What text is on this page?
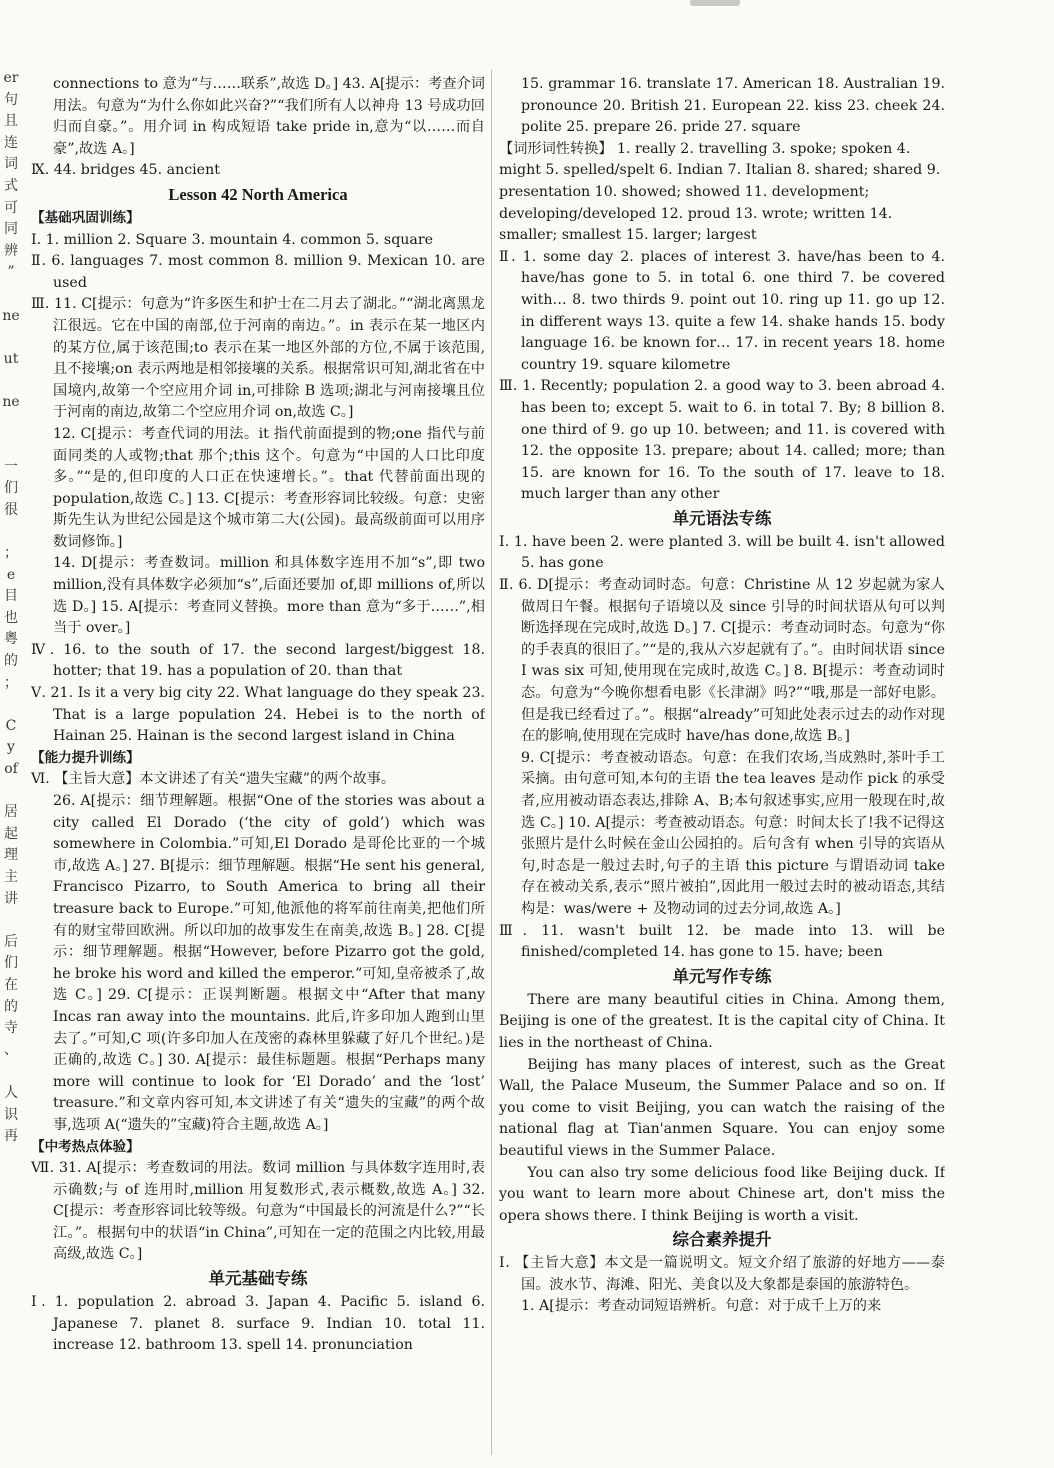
er
句
且
连
词
式
可
同
辨
”

ne

ut

ne

一
们
很

；
e
目
也
粵
的
；

C
y
of

居
起
理
主
讲

后
们
在
的
寺
、

人
识
再

connections to 意为“与……联系”,故选 D。] 43. A[提示：考查介词用法。句意为“为什么你如此兴奋?”“我们所有人以神舟 13 号成功回归而自豪。”。用介词 in 构成短语 take pride in,意为“以……而自豪”,故选 A。]

Ⅸ. 44. bridges 45. ancient

Lesson 42 North America

【基础巩固训练】

Ⅰ. 1. million 2. Square 3. mountain 4. common 5. square

Ⅱ. 6. languages 7. most common 8. million 9. Mexican 10. are used

Ⅲ. 11. C[提示：句意为“许多医生和护士在二月去了湖北。”“湖北离黑龙江很远。它在中国的南部,位于河南的南边。”。in 表示在某一地区内的某方位,属于该范围;to 表示在某一地区外部的方位,不属于该范围,且不接壤;on 表示两地是相邻接壤的关系。根据常识可知,湖北省在中国境内,故第一个空应用介词 in,可排除 B 选项;湖北与河南接壤且位于河南的南边,故第二个空应用介词 on,故选 C。]

12. C[提示：考查代词的用法。it 指代前面提到的物;one 指代与前面同类的人或物;that 那个;this 这个。句意为“中国的人口比印度多。”“是的,但印度的人口正在快速增长。”。that 代替前面出现的 population,故选 C。] 13. C[提示：考查形容词比较级。句意：史密斯先生认为世纪公园是这个城市第二大(公园)。最高级前面可以用序数词修饰。]

14. D[提示：考查数词。million 和具体数字连用不加“s”,即 two million,没有具体数字必须加“s”,后面还要加 of,即 millions of,所以选 D。] 15. A[提示：考查同义替换。more than 意为“多于……”,相当于 over。]

Ⅳ. 16. to the south of 17. the second largest/biggest 18. hotter; that 19. has a population of 20. than that

Ⅴ. 21. Is it a very big city 22. What language do they speak 23. That is a large population 24. Hebei is to the north of Hainan 25. Hainan is the second largest island in China

【能力提升训练】

Ⅵ. 【主旨大意】本文讲述了有关“遗失宝藏”的两个故事。

26. A[提示：细节理解题。根据“One of the stories was about a city called El Dorado (‘the city of gold’) which was somewhere in Colombia.”可知,El Dorado 是哥伦比亚的一个城市,故选 A。] 27. B[提示：细节理解题。根据“He sent his general, Francisco Pizarro, to South America to bring all their treasure back to Europe.”可知,他派他的将军前往南美,把他们所有的财宝带回欧洲。所以印加的故事发生在南美,故选 B。] 28. C[提示：细节理解题。根据“However, before Pizarro got the gold, he broke his word and killed the emperor.”可知,皇帝被杀了,故选 C。] 29. C[提示：正误判断题。根据文中“After that many Incas ran away into the mountains. 此后,许多印加人跑到山里去了。”可知,C 项(许多印加人在茂密的森林里躲藏了好几个世纪。)是正确的,故选 C。] 30. A[提示：最佳标题题。根据“Perhaps many more will continue to look for ‘El Dorado’ and the ‘lost’ treasure.”和文章内容可知,本文讲述了有关“遗失的宝藏”的两个故事,选项 A(“遗失的”宝藏)符合主题,故选 A。]

【中考热点体验】

Ⅶ. 31. A[提示：考查数词的用法。数词 million 与具体数字连用时,表示确数;与 of 连用时,million 用复数形式,表示概数,故选 A。] 32. C[提示：考查形容词比较等级。句意为“中国最长的河流是什么?”“长江。”。根据句中的状语“in China”,可知在一定的范围之内比较,用最高级,故选 C。]

单元基础专练

Ⅰ. 1. population 2. abroad 3. Japan 4. Pacific 5. island 6. Japanese 7. planet 8. surface 9. Indian 10. total 11. increase 12. bathroom 13. spell 14. pronunciation

15. grammar 16. translate 17. American 18. Australian 19. pronounce 20. British 21. European 22. kiss 23. cheek 24. polite 25. prepare 26. pride 27. square

【词形词性转换】 1. really 2. travelling 3. spoke; spoken 4. might 5. spelled/spelt 6. Indian 7. Italian 8. shared; shared 9. presentation 10. showed; showed 11. development; developing/developed 12. proud 13. wrote; written 14. smaller; smallest 15. larger; largest

Ⅱ. 1. some day 2. places of interest 3. have/has been to 4. have/has gone to 5. in total 6. one third 7. be covered with… 8. two thirds 9. point out 10. ring up 11. go up 12. in different ways 13. quite a few 14. shake hands 15. body language 16. be known for… 17. in recent years 18. home country 19. square kilometre

Ⅲ. 1. Recently; population 2. a good way to 3. been abroad 4. has been to; except 5. wait to 6. in total 7. By; 8 billion 8. one third of 9. go up 10. between; and 11. is covered with 12. the opposite 13. prepare; about 14. called; more; than 15. are known for 16. To the south of 17. leave to 18. much larger than any other

单元语法专练

Ⅰ. 1. have been 2. were planted 3. will be built 4. isn't allowed 5. has gone

Ⅱ. 6. D[提示：考查动词时态。句意：Christine 从 12 岁起就为家人做周日午餐。根据句子语境以及 since 引导的时间状语从句可以判断选择现在完成时,故选 D。] 7. C[提示：考查动词时态。句意为“你的手表真的很旧了。”“是的,我从六岁起就有了。”。由时间状语 since I was six 可知,使用现在完成时,故选 C。] 8. B[提示：考查动词时态。句意为“今晚你想看电影《长津湖》吗?”“哦,那是一部好电影。但是我已经看过了。”。根据“already”可知此处表示过去的动作对现在的影响,使用现在完成时 have/has done,故选 B。]

9. C[提示：考查被动语态。句意：在我们农场,当成熟时,茶叶手工采摘。由句意可知,本句的主语 the tea leaves 是动作 pick 的承受者,应用被动语态表达,排除 A、B;本句叙述事实,应用一般现在时,故选 C。] 10. A[提示：考查被动语态。句意：时间太长了!我不记得这张照片是什么时候在金山公园拍的。后句含有 when 引导的宾语从句,时态是一般过去时,句子的主语 this picture 与谓语动词 take 存在被动关系,表示“照片被拍”,因此用一般过去时的被动语态,其结构是：was/were + 及物动词的过去分词,故选 A。]

Ⅲ. 11. wasn't built 12. be made into 13. will be finished/completed 14. has gone to 15. have; been

单元写作专练

There are many beautiful cities in China. Among them, Beijing is one of the greatest. It is the capital city of China. It lies in the northeast of China.

Beijing has many places of interest, such as the Great Wall, the Palace Museum, the Summer Palace and so on. If you come to visit Beijing, you can watch the raising of the national flag at Tian'anmen Square. You can enjoy some beautiful views in the Summer Palace.

You can also try some delicious food like Beijing duck. If you want to learn more about Chinese art, don't miss the opera shows there. I think Beijing is worth a visit.

综合素养提升

Ⅰ. 【主旨大意】本文是一篇说明文。短文介绍了旅游的好地方——泰国。波水节、海滩、阳光、美食以及大象都是泰国的旅游特色。

1. A[提示：考查动词短语辨析。句意：对于成千上万的来
